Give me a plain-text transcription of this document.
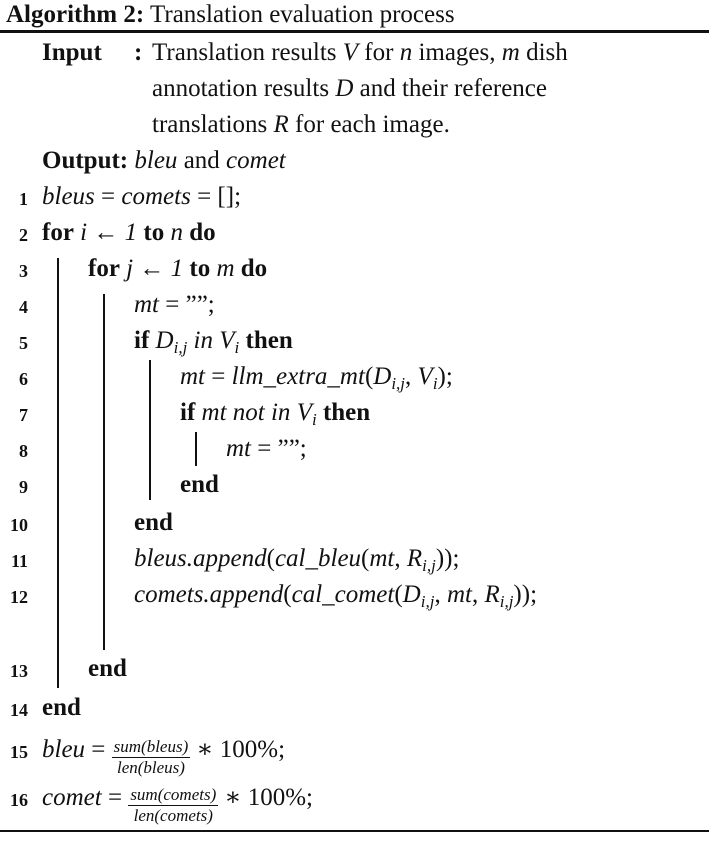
Algorithm 2: Translation evaluation process
Input : Translation results V for n images, m dish
annotation results D and their reference
translations R for each image.
Output: bleu and comet
1
2
3
4
5
6
7
8
9
10
11
12
13
14
15
16
bleus = comets = [];
for i ← 1 to n do
for j ← 1 to m do
mt = ””;
if $D_{i,j}$ in $V_i$ then
mt = $llm\_extra\_mt(D_{i,j}$, $V_i$);
if mt not in $V_i$ then
mt = ””;
end
end
bleus.append(cal_bleu(mt, $R_{i,j}$));
$comets.append(cal\_comet(D_{i,j}$, mt, $R_{i,j}$));
end
end
bleu = $\frac{\text{sum(bleus)}}{\text{len(bleus)}}$ ∗ 100%;
comet = $\frac{\text{sum(comets)}}{\text{len(comets)}}$ ∗ 100%;
